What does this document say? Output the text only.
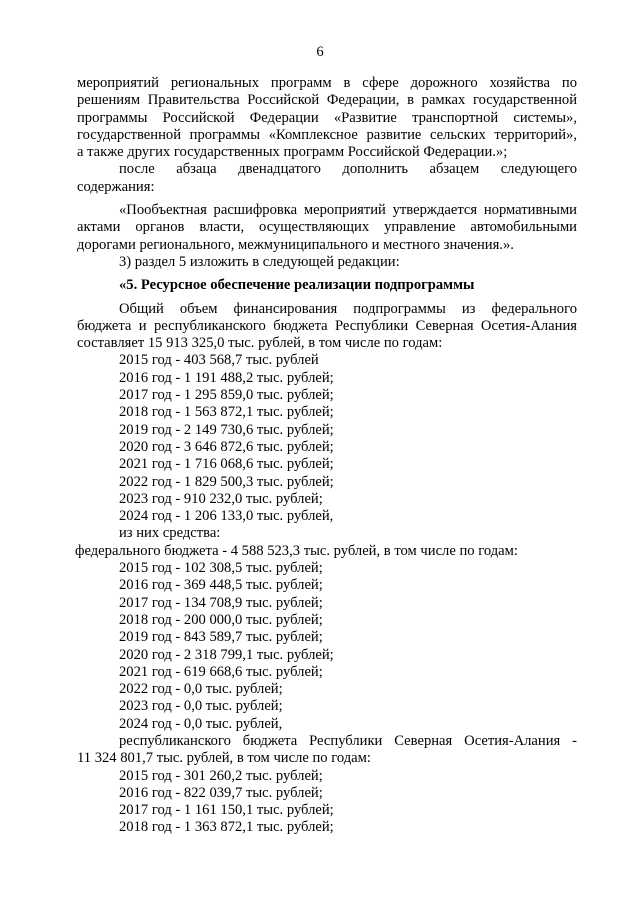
6

мероприятий региональных программ в сфере дорожного хозяйства по

решениям Правительства Российской Федерации, в рамках государственной

программы Российской Федерации «Развитие транспортной системы»,

государственной программы «Комплексное развитие сельских территорий»,

а также других государственных программ Российской Федерации.»;

после абзаца двенадцатого дополнить абзацем следующего

содержания:

«Пообъектная расшифровка мероприятий утверждается нормативными

актами органов власти, осуществляющих управление автомобильными

дорогами регионального, межмуниципального и местного значения.».

3) раздел 5 изложить в следующей редакции:

«5. Ресурсное обеспечение реализации подпрограммы

Общий объем финансирования подпрограммы из федерального

бюджета и республиканского бюджета Республики Северная Осетия-Алания

составляет 15 913 325,0 тыс. рублей, в том числе по годам:

2015 год - 403 568,7 тыс. рублей

2016 год - 1 191 488,2 тыс. рублей;

2017 год - 1 295 859,0 тыс. рублей;

2018 год - 1 563 872,1 тыс. рублей;

2019 год - 2 149 730,6 тыс. рублей;

2020 год - 3 646 872,6 тыс. рублей;

2021 год - 1 716 068,6 тыс. рублей;

2022 год - 1 829 500,3 тыс. рублей;

2023 год - 910 232,0 тыс. рублей;

2024 год - 1 206 133,0 тыс. рублей,

из них средства:

федерального бюджета - 4 588 523,3 тыс. рублей, в том числе по годам:

2015 год - 102 308,5 тыс. рублей;

2016 год - 369 448,5 тыс. рублей;

2017 год - 134 708,9 тыс. рублей;

2018 год - 200 000,0 тыс. рублей;

2019 год - 843 589,7 тыс. рублей;

2020 год - 2 318 799,1 тыс. рублей;

2021 год - 619 668,6 тыс. рублей;

2022 год - 0,0 тыс. рублей;

2023 год - 0,0 тыс. рублей;

2024 год - 0,0 тыс. рублей,

республиканского бюджета Республики Северная Осетия-Алания -

11 324 801,7 тыс. рублей, в том числе по годам:

2015 год - 301 260,2 тыс. рублей;

2016 год - 822 039,7 тыс. рублей;

2017 год - 1 161 150,1 тыс. рублей;

2018 год - 1 363 872,1 тыс. рублей;
